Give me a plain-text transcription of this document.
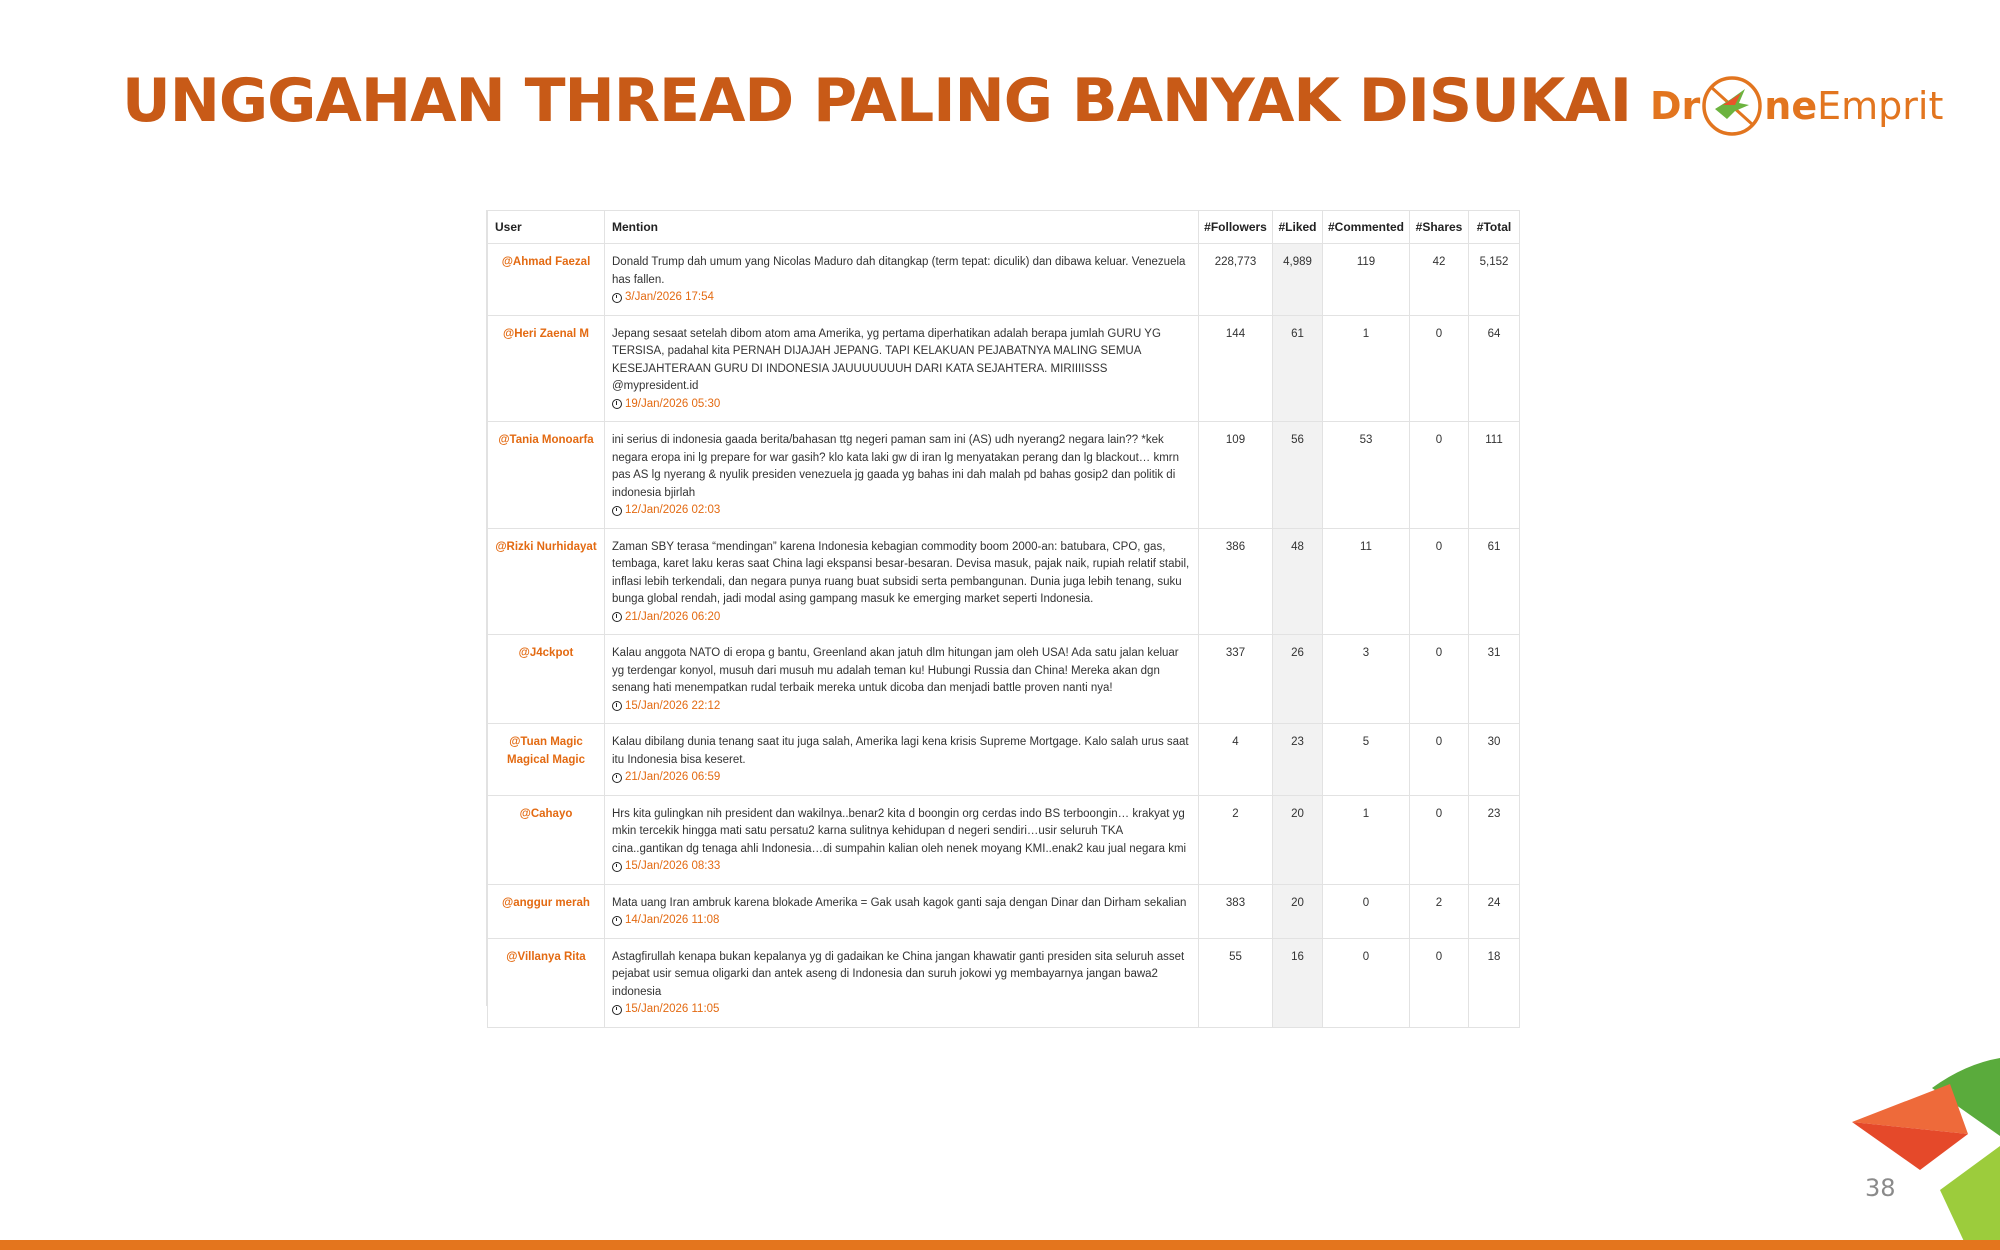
UNGGAHAN THREAD PALING BANYAK DISUKAI Dr ne Emprit
User	Mention	#Followers	#Liked	#Commented	#Shares	#Total
@Ahmad Faezal	Donald Trump dah umum yang Nicolas Maduro dah ditangkap (term tepat: diculik) dan dibawa keluar. Venezuela has fallen.
3/Jan/2026 17:54	228,773	4,989	119	42	5,152
@Heri Zaenal M	Jepang sesaat setelah dibom atom ama Amerika, yg pertama diperhatikan adalah berapa jumlah GURU YG TERSISA, padahal kita PERNAH DIJAJAH JEPANG. TAPI KELAKUAN PEJABATNYA MALING SEMUA KESEJAHTERAAN GURU DI INDONESIA JAUUUUUUUH DARI KATA SEJAHTERA. MIRIIIISSS @mypresident.id
19/Jan/2026 05:30	144	61	1	0	64
@Tania Monoarfa	ini serius di indonesia gaada berita/bahasan ttg negeri paman sam ini (AS) udh nyerang2 negara lain?? *kek negara eropa ini lg prepare for war gasih? klo kata laki gw di iran lg menyatakan perang dan lg blackout… kmrn pas AS lg nyerang & nyulik presiden venezuela jg gaada yg bahas ini dah malah pd bahas gosip2 dan politik di indonesia bjirlah
12/Jan/2026 02:03	109	56	53	0	111
@Rizki Nurhidayat	Zaman SBY terasa “mendingan” karena Indonesia kebagian commodity boom 2000-an: batubara, CPO, gas, tembaga, karet laku keras saat China lagi ekspansi besar-besaran. Devisa masuk, pajak naik, rupiah relatif stabil, inflasi lebih terkendali, dan negara punya ruang buat subsidi serta pembangunan. Dunia juga lebih tenang, suku bunga global rendah, jadi modal asing gampang masuk ke emerging market seperti Indonesia.
21/Jan/2026 06:20	386	48	11	0	61
@J4ckpot	Kalau anggota NATO di eropa g bantu, Greenland akan jatuh dlm hitungan jam oleh USA! Ada satu jalan keluar yg terdengar konyol, musuh dari musuh mu adalah teman ku! Hubungi Russia dan China! Mereka akan dgn senang hati menempatkan rudal terbaik mereka untuk dicoba dan menjadi battle proven nanti nya!
15/Jan/2026 22:12	337	26	3	0	31
@Tuan Magic Magical Magic	Kalau dibilang dunia tenang saat itu juga salah, Amerika lagi kena krisis Supreme Mortgage. Kalo salah urus saat itu Indonesia bisa keseret.
21/Jan/2026 06:59	4	23	5	0	30
@Cahayo	Hrs kita gulingkan nih president dan wakilnya..benar2 kita d boongin org cerdas indo BS terboongin… krakyat yg mkin tercekik hingga mati satu persatu2 karna sulitnya kehidupan d negeri sendiri…usir seluruh TKA cina..gantikan dg tenaga ahli Indonesia…di sumpahin kalian oleh nenek moyang KMI..enak2 kau jual negara kmi
15/Jan/2026 08:33	2	20	1	0	23
@anggur merah	Mata uang Iran ambruk karena blokade Amerika = Gak usah kagok ganti saja dengan Dinar dan Dirham sekalian
14/Jan/2026 11:08	383	20	0	2	24
@Villanya Rita	Astagfirullah kenapa bukan kepalanya yg di gadaikan ke China jangan khawatir ganti presiden sita seluruh asset pejabat usir semua oligarki dan antek aseng di Indonesia dan suruh jokowi yg membayarnya jangan bawa2 indonesia
15/Jan/2026 11:05	55	16	0	0	18
38
